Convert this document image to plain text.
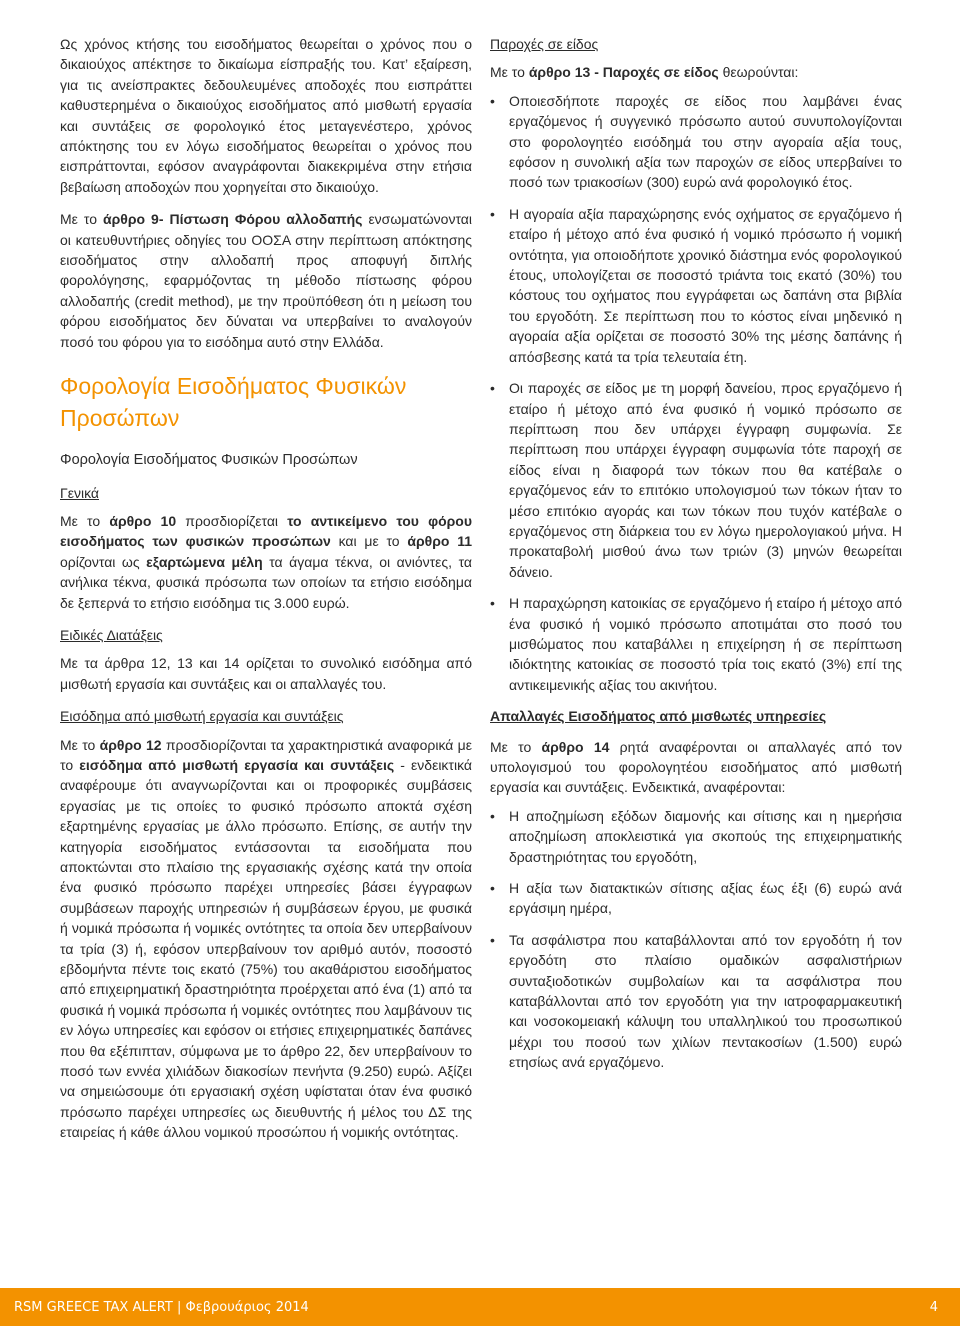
Ως χρόνος κτήσης του εισοδήματος θεωρείται ο χρόνος που ο δικαιούχος απέκτησε το δικαίωμα είσπραξής του. Κατ’ εξαίρεση, για τις ανείσπρακτες δεδουλευμένες αποδοχές που εισπράττει καθυστερημένα ο δικαιούχος εισοδήματος από μισθωτή εργασία και συντάξεις σε φορολογικό έτος μεταγενέστερο, χρόνος απόκτησης του εν λόγω εισοδήματος θεωρείται ο χρόνος που εισπράττονται, εφόσον αναγράφονται διακεκριμένα στην ετήσια βεβαίωση αποδοχών που χορηγείται στο δικαιούχο.

Με το άρθρο 9- Πίστωση Φόρου αλλοδαπής ενσωματώνονται οι κατευθυντήριες οδηγίες του ΟΟΣΑ στην περίπτωση απόκτησης εισοδήματος στην αλλοδαπή προς αποφυγή διπλής φορολόγησης, εφαρμόζοντας τη μέθοδο πίστωσης φόρου αλλοδαπής (credit method), με την προϋπόθεση ότι η μείωση του φόρου εισοδήματος δεν δύναται να υπερβαίνει το αναλογούν ποσό του φόρου για το εισόδημα αυτό στην Ελλάδα.

Φορολογία Εισοδήματος Φυσικών Προσώπων
Φορολογία Εισοδήματος Φυσικών Προσώπων
Γενικά

Με το άρθρο 10 προσδιορίζεται το αντικείμενο του φόρου εισοδήματος των φυσικών προσώπων και με το άρθρο 11 ορίζονται ως εξαρτώμενα μέλη τα άγαμα τέκνα, οι ανιόντες, τα ανήλικα τέκνα, φυσικά πρόσωπα των οποίων τα ετήσιο εισόδημα δε ξεπερνά το ετήσιο εισόδημα τις 3.000 ευρώ.

Ειδικές Διατάξεις

Με τα άρθρα 12, 13 και 14 ορίζεται το συνολικό εισόδημα από μισθωτή εργασία και συντάξεις και οι απαλλαγές του.

Εισόδημα από μισθωτή εργασία και συντάξεις

Με το άρθρο 12 προσδιορίζονται τα χαρακτηριστικά αναφορικά με το εισόδημα από μισθωτή εργασία και συντάξεις - ενδεικτικά αναφέρουμε ότι αναγνωρίζονται και οι προφορικές συμβάσεις εργασίας με τις οποίες το φυσικό πρόσωπο αποκτά σχέση εξαρτημένης εργασίας με άλλο πρόσωπο. Επίσης, σε αυτήν την κατηγορία εισοδήματος εντάσσονται τα εισοδήματα που αποκτώνται στο πλαίσιο της εργασιακής σχέσης κατά την οποία ένα φυσικό πρόσωπο παρέχει υπηρεσίες βάσει έγγραφων συμβάσεων παροχής υπηρεσιών ή συμβάσεων έργου, με φυσικά ή νομικά πρόσωπα ή νομικές οντότητες τα οποία δεν υπερβαίνουν τα τρία (3) ή, εφόσον υπερβαίνουν τον αριθμό αυτόν, ποσοστό εβδομήντα πέντε τοις εκατό (75%) του ακαθάριστου εισοδήματος από επιχειρηματική δραστηριότητα προέρχεται από ένα (1) από τα φυσικά ή νομικά πρόσωπα ή νομικές οντότητες που λαμβάνουν τις εν λόγω υπηρεσίες και εφόσον οι ετήσιες επιχειρηματικές δαπάνες που θα εξέπιπταν, σύμφωνα με το άρθρο 22, δεν υπερβαίνουν το ποσό των εννέα χιλιάδων διακοσίων πενήντα (9.250) ευρώ. Αξίζει να σημειώσουμε ότι εργασιακή σχέση υφίσταται όταν ένα φυσικό πρόσωπο παρέχει υπηρεσίες ως διευθυντής ή μέλος του ΔΣ της εταιρείας ή κάθε άλλου νομικού προσώπου ή νομικής οντότητας.

Παροχές σε είδος

Με το άρθρο 13 - Παροχές σε είδος θεωρούνται:

• Οποιεσδήποτε παροχές σε είδος που λαμβάνει ένας εργαζόμενος ή συγγενικό πρόσωπο αυτού συνυπολογίζονται στο φορολογητέο εισόδημά του στην αγοραία αξία τους, εφόσον η συνολική αξία των παροχών σε είδος υπερβαίνει το ποσό των τριακοσίων (300) ευρώ ανά φορολογικό έτος.
• Η αγοραία αξία παραχώρησης ενός οχήματος σε εργαζόμενο ή εταίρο ή μέτοχο από ένα φυσικό ή νομικό πρόσωπο ή νομική οντότητα, για οποιοδήποτε χρονικό διάστημα ενός φορολογικού έτους, υπολογίζεται σε ποσοστό τριάντα τοις εκατό (30%) του κόστους του οχήματος που εγγράφεται ως δαπάνη στα βιβλία του εργοδότη. Σε περίπτωση που το κόστος είναι μηδενικό η αγοραία αξία ορίζεται σε ποσοστό 30% της μέσης δαπάνης ή απόσβεσης κατά τα τρία τελευταία έτη.
• Οι παροχές σε είδος με τη μορφή δανείου, προς εργαζόμενο ή εταίρο ή μέτοχο από ένα φυσικό ή νομικό πρόσωπο σε περίπτωση που δεν υπάρχει έγγραφη συμφωνία. Σε περίπτωση που υπάρχει έγγραφη συμφωνία τότε παροχή σε είδος είναι η διαφορά των τόκων που θα κατέβαλε ο εργαζόμενος εάν το επιτόκιο υπολογισμού των τόκων ήταν το μέσο επιτόκιο αγοράς και των τόκων που τυχόν κατέβαλε ο εργαζόμενος στη διάρκεια του εν λόγω ημερολογιακού μήνα. Η προκαταβολή μισθού άνω των τριών (3) μηνών θεωρείται δάνειο.
• Η παραχώρηση κατοικίας σε εργαζόμενο ή εταίρο ή μέτοχο από ένα φυσικό ή νομικό πρόσωπο αποτιμάται στο ποσό του μισθώματος που καταβάλλει η επιχείρηση ή σε περίπτωση ιδιόκτητης κατοικίας σε ποσοστό τρία τοις εκατό (3%) επί της αντικειμενικής αξίας του ακινήτου.
Απαλλαγές Εισοδήματος από μισθωτές υπηρεσίες

Με το άρθρο 14 ρητά αναφέρονται οι απαλλαγές από τον υπολογισμού του φορολογητέου εισοδήματος από μισθωτή εργασία και συντάξεις. Ενδεικτικά, αναφέρονται:

• Η αποζημίωση εξόδων διαμονής και σίτισης και η ημερήσια αποζημίωση αποκλειστικά για σκοπούς της επιχειρηματικής δραστηριότητας του εργοδότη,
• Η αξία των διατακτικών σίτισης αξίας έως έξι (6) ευρώ ανά εργάσιμη ημέρα,
• Τα ασφάλιστρα που καταβάλλονται από τον εργοδότη ή τον εργοδότη στο πλαίσιο ομαδικών ασφαλιστήριων συνταξιοδοτικών συμβολαίων και τα ασφάλιστρα που καταβάλλονται από τον εργοδότη για την ιατροφαρμακευτική και νοσοκομειακή κάλυψη του υπαλληλικού του προσωπικού μέχρι του ποσού των χιλίων πεντακοσίων (1.500) ευρώ ετησίως ανά εργαζόμενο.
RSM GREECE TAX ALERT | Φεβρουάριος 2014	4
